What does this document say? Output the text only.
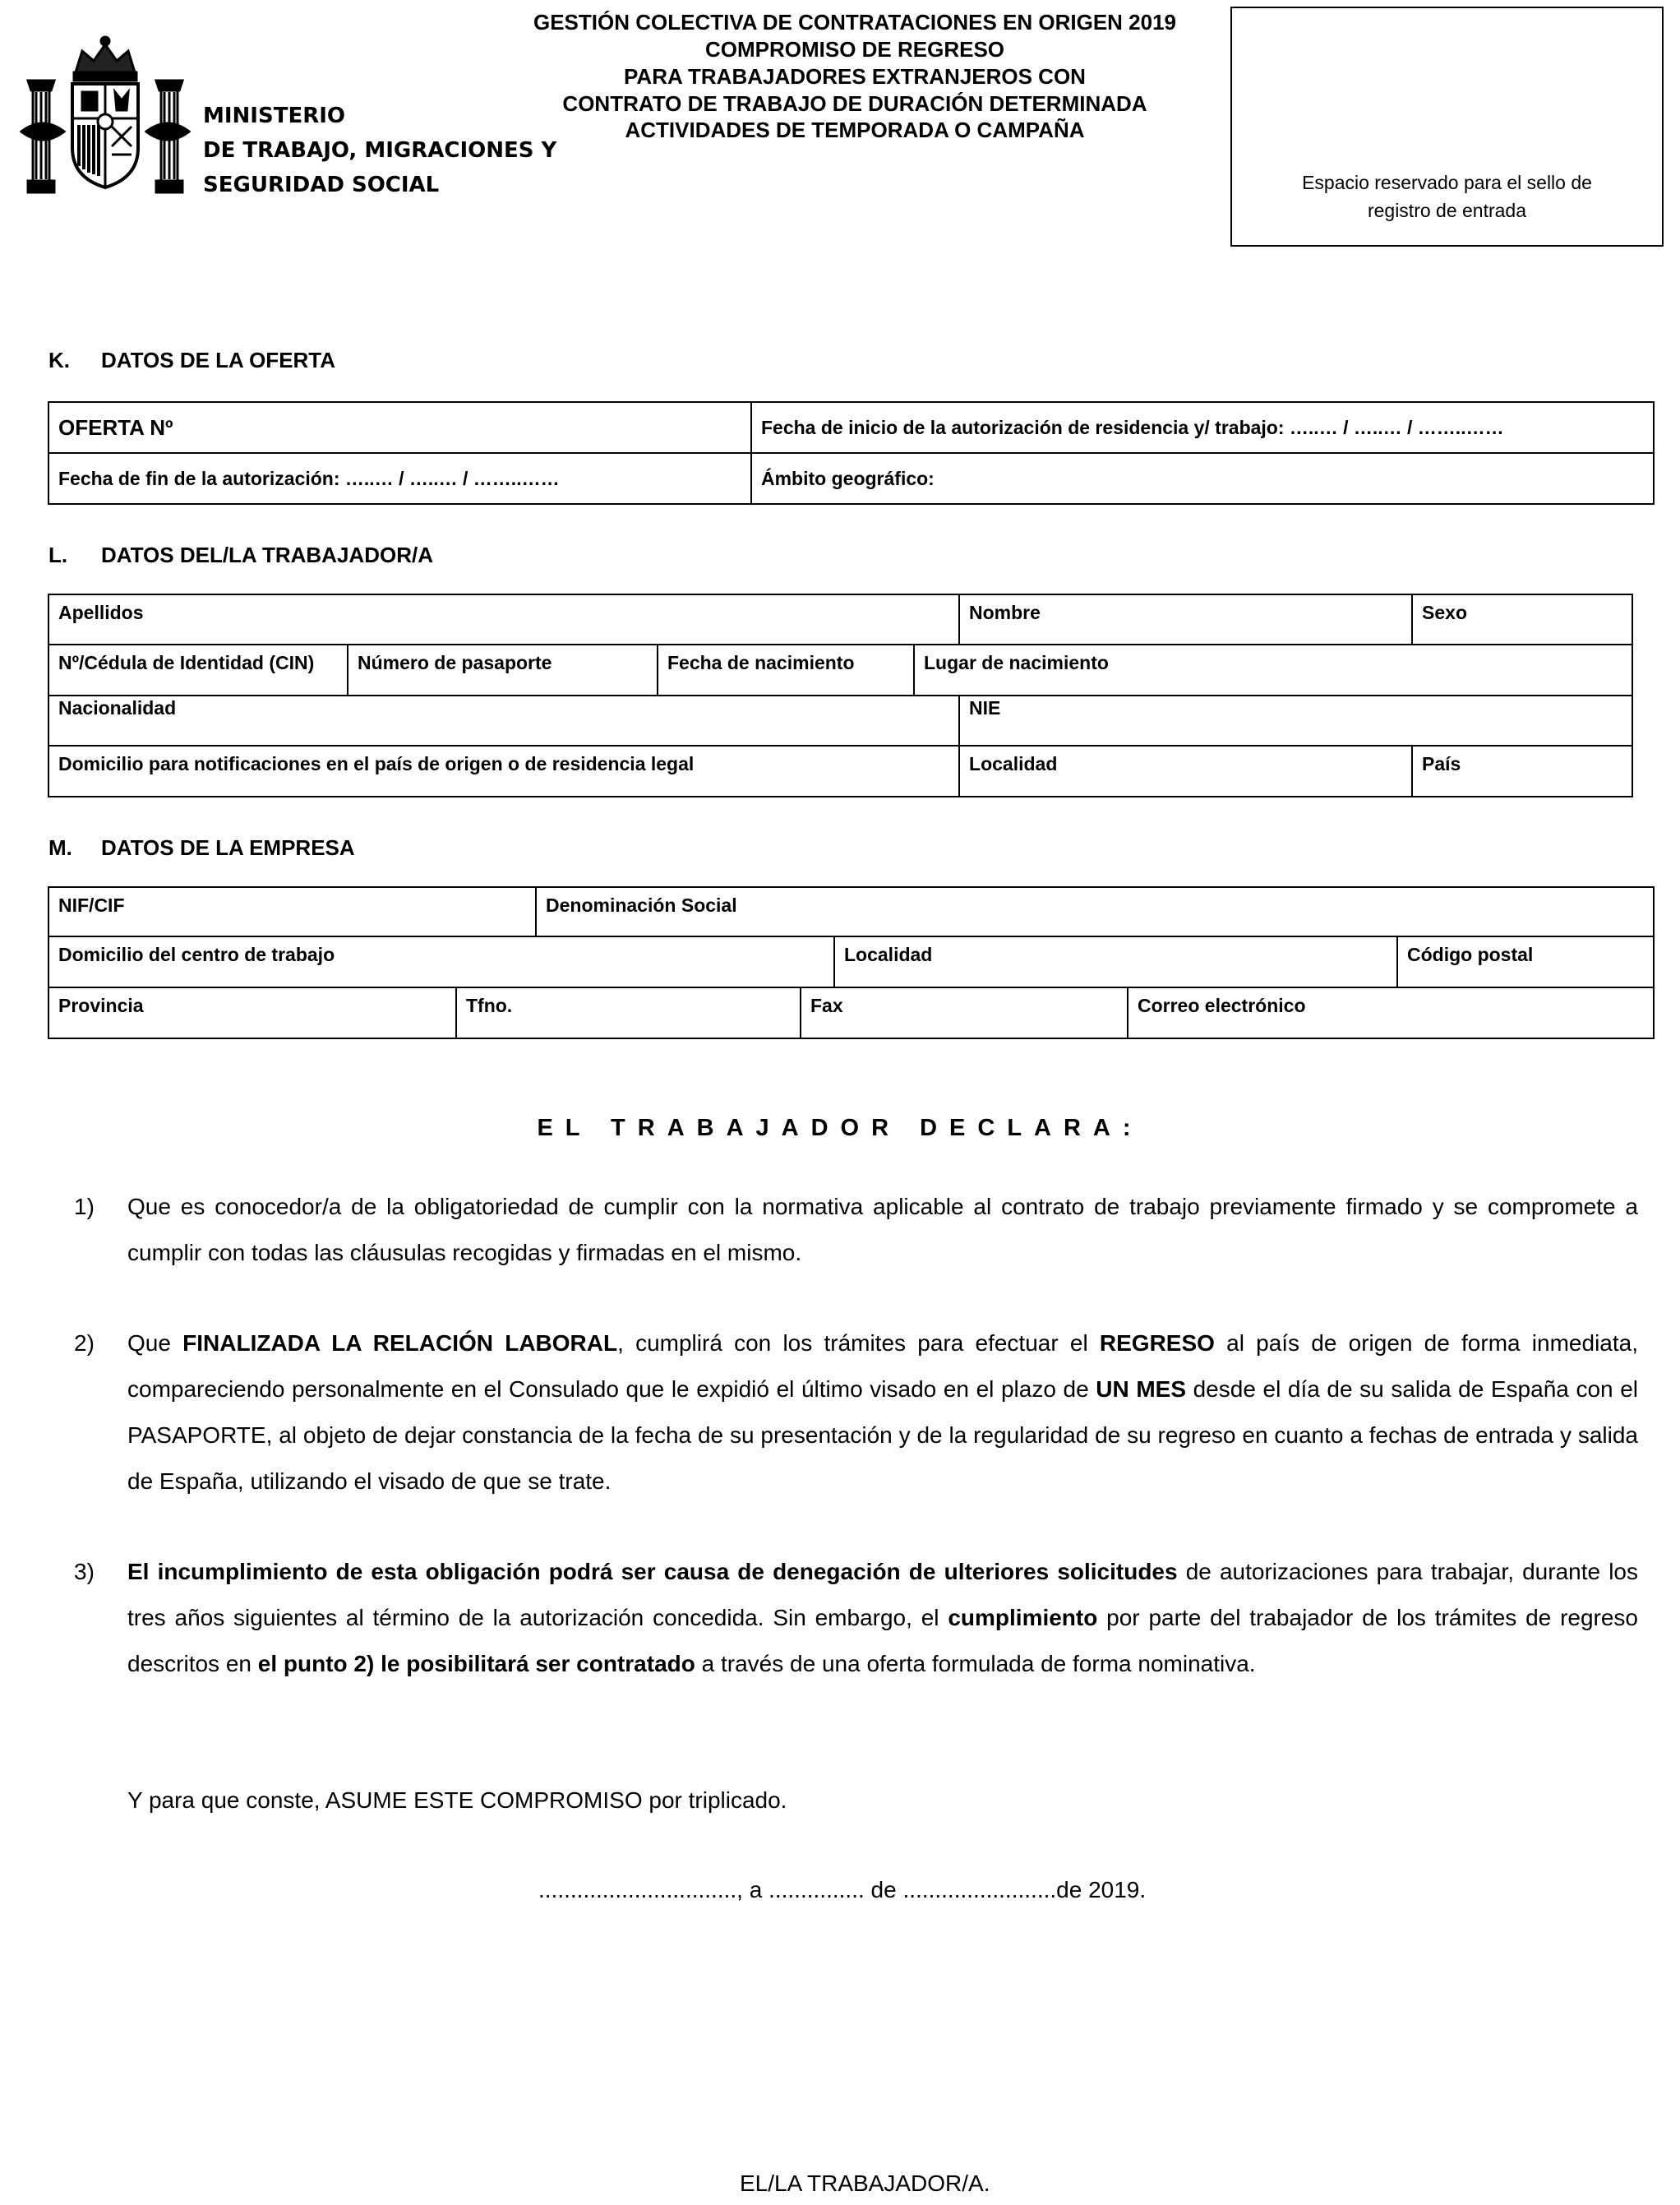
MINISTERIO
DE TRABAJO, MIGRACIONES Y
SEGURIDAD SOCIAL
GESTIÓN COLECTIVA DE CONTRATACIONES EN ORIGEN 2019
COMPROMISO DE REGRESO
PARA TRABAJADORES EXTRANJEROS CON
CONTRATO DE TRABAJO DE DURACIÓN DETERMINADA
ACTIVIDADES DE TEMPORADA O CAMPAÑA
Espacio reservado para el sello de
registro de entrada
K. DATOS DE LA OFERTA
OFERTA Nº	Fecha de inicio de la autorización de residencia y/ trabajo: …..… / …..… / ……..……
Fecha de fin de la autorización: …..… / …..… / ……..……	Ámbito geográfico:
L. DATOS DEL/LA TRABAJADOR/A
Apellidos				Nombre	Sexo
Nº/Cédula de Identidad (CIN)	Número de pasaporte	Fecha de nacimiento	Lugar de nacimiento		
Nacionalidad				NIE	
Domicilio para notificaciones en el país de origen o de residencia legal				Localidad	País
M. DATOS DE LA EMPRESA
NIF/CIF		Denominación Social				
Domicilio del centro de trabajo				Localidad		Código postal
Provincia	Tfno.		Fax		Correo electrónico	
EL TRABAJADOR DECLARA:
1) Que es conocedor/a de la obligatoriedad de cumplir con la normativa aplicable al contrato de trabajo previamente firmado y se compromete a cumplir con todas las cláusulas recogidas y firmadas en el mismo.
2) Que FINALIZADA LA RELACIÓN LABORAL, cumplirá con los trámites para efectuar el REGRESO al país de origen de forma inmediata, compareciendo personalmente en el Consulado que le expidió el último visado en el plazo de UN MES desde el día de su salida de España con el PASAPORTE, al objeto de dejar constancia de la fecha de su presentación y de la regularidad de su regreso en cuanto a fechas de entrada y salida de España, utilizando el visado de que se trate.
3) El incumplimiento de esta obligación podrá ser causa de denegación de ulteriores solicitudes de autorizaciones para trabajar, durante los tres años siguientes al término de la autorización concedida. Sin embargo, el cumplimiento por parte del trabajador de los trámites de regreso descritos en el punto 2) le posibilitará ser contratado a través de una oferta formulada de forma nominativa.
Y para que conste, ASUME ESTE COMPROMISO por triplicado.
..............................., a ............... de ........................de 2019.
EL/LA TRABAJADOR/A.
